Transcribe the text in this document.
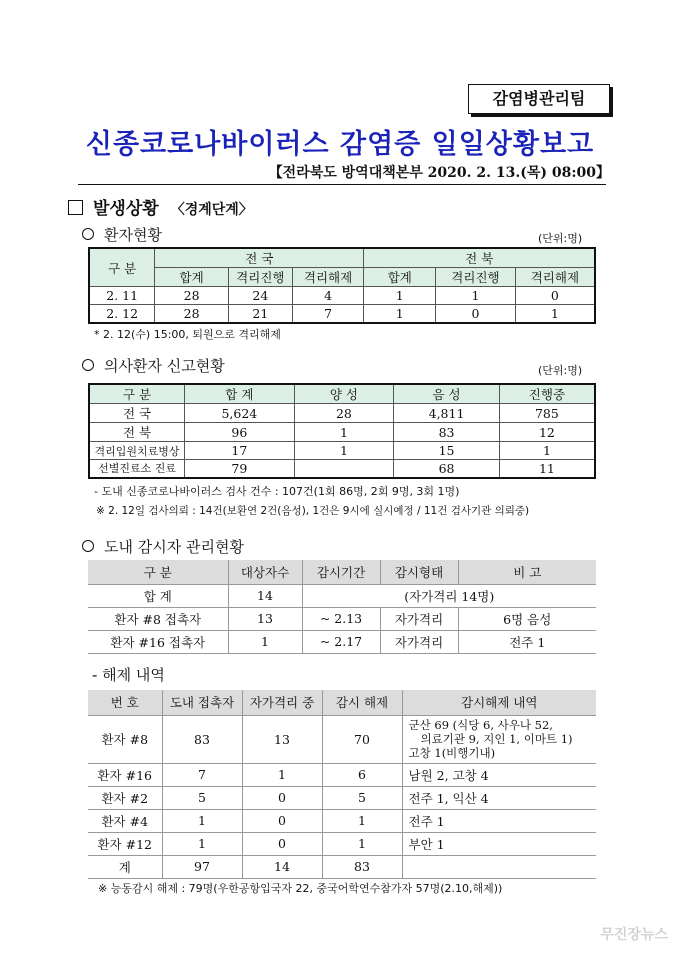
감염병관리팀
신종코로나바이러스 감염증 일일상황보고
【전라북도 방역대책본부 2020. 2. 13.(목) 08:00】
발생상황 〈경계단계〉
환자현황	(단위:명)
구 분	전 국			전 북		
	합계	격리진행	격리해제	합계	격리진행	격리해제
2. 11	28	24	4	1	1	0
2. 12	28	21	7	1	0	1
* 2. 12(수) 15:00, 퇴원으로 격리해제
의사환자 신고현황	(단위:명)
구 분	합 계	양 성	음 성	진행중
전 국	5,624	28	4,811	785
전 북	96	1	83	12
격리입원치료병상	17	1	15	1
선별진료소 진료	79		68	11
- 도내 신종코로나바이러스 검사 건수 : 107건(1회 86명, 2회 9명, 3회 1명)
※ 2. 12일 검사의뢰 : 14건(보환연 2건(음성), 1건은 9시에 실시예정 / 11건 검사기관 의뢰중)
도내 감시자 관리현황
구 분	대상자수	감시기간	감시형태	비 고
합 계	14	(자가격리 14명)		
환자 #8 접촉자	13	~ 2.13	자가격리	6명 음성
환자 #16 접촉자	1	~ 2.17	자가격리	전주 1
- 해제 내역
번 호	도내 접촉자	자가격리 중	감시 해제	감시해제 내역
환자 #8	83	13	70	군산 69 (식당 6, 사우나 52,
의료기관 9, 지인 1, 이마트 1)
고창 1(비행기내)

환자 #16	7	1	6	남원 2, 고창 4
환자 #2	5	0	5	전주 1, 익산 4
환자 #4	1	0	1	전주 1
환자 #12	1	0	1	부안 1
계	97	14	83	
※ 능동감시 해제 : 79명(우한공항입국자 22, 중국어학연수참가자 57명(2.10,해제))
무진장뉴스
